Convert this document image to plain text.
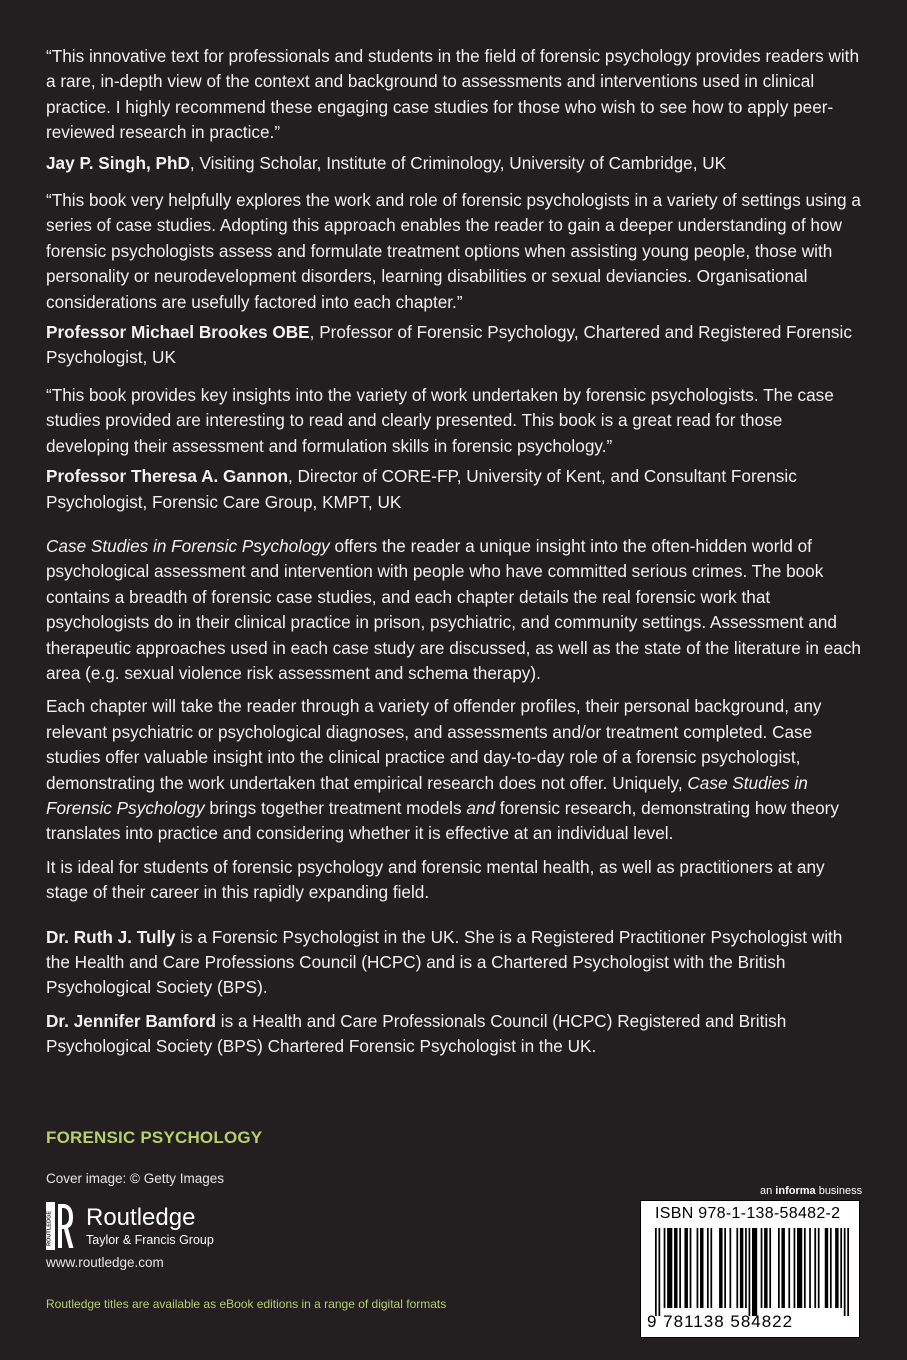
“This innovative text for professionals and students in the field of forensic psychology provides readers with a rare, in-depth view of the context and background to assessments and interventions used in clinical practice. I highly recommend these engaging case studies for those who wish to see how to apply peer-reviewed research in practice.”

Jay P. Singh, PhD, Visiting Scholar, Institute of Criminology, University of Cambridge, UK

“This book very helpfully explores the work and role of forensic psychologists in a variety of settings using a series of case studies. Adopting this approach enables the reader to gain a deeper understanding of how forensic psychologists assess and formulate treatment options when assisting young people, those with personality or neurodevelopment disorders, learning disabilities or sexual deviancies. Organisational considerations are usefully factored into each chapter.”

Professor Michael Brookes OBE, Professor of Forensic Psychology, Chartered and Registered Forensic Psychologist, UK

“This book provides key insights into the variety of work undertaken by forensic psychologists. The case studies provided are interesting to read and clearly presented. This book is a great read for those developing their assessment and formulation skills in forensic psychology.”

Professor Theresa A. Gannon, Director of CORE-FP, University of Kent, and Consultant Forensic Psychologist, Forensic Care Group, KMPT, UK

Case Studies in Forensic Psychology offers the reader a unique insight into the often-hidden world of psychological assessment and intervention with people who have committed serious crimes. The book contains a breadth of forensic case studies, and each chapter details the real forensic work that psychologists do in their clinical practice in prison, psychiatric, and community settings. Assessment and therapeutic approaches used in each case study are discussed, as well as the state of the literature in each area (e.g. sexual violence risk assessment and schema therapy).

Each chapter will take the reader through a variety of offender profiles, their personal background, any relevant psychiatric or psychological diagnoses, and assessments and/or treatment completed. Case studies offer valuable insight into the clinical practice and day-to-day role of a forensic psychologist, demonstrating the work undertaken that empirical research does not offer. Uniquely, Case Studies in Forensic Psychology brings together treatment models and forensic research, demonstrating how theory translates into practice and considering whether it is effective at an individual level.

It is ideal for students of forensic psychology and forensic mental health, as well as practitioners at any stage of their career in this rapidly expanding field.

Dr. Ruth J. Tully is a Forensic Psychologist in the UK. She is a Registered Practitioner Psychologist with the Health and Care Professions Council (HCPC) and is a Chartered Psychologist with the British Psychological Society (BPS).

Dr. Jennifer Bamford is a Health and Care Professionals Council (HCPC) Registered and British Psychological Society (BPS) Chartered Forensic Psychologist in the UK.

FORENSIC PSYCHOLOGY
Cover image: © Getty Images
ROUTLEDGE Routledge
Taylor & Francis Group
www.routledge.com
Routledge titles are available as eBook editions in a range of digital formats
an informa business
ISBN 978-1-138-58482-2
9 781138 584822
